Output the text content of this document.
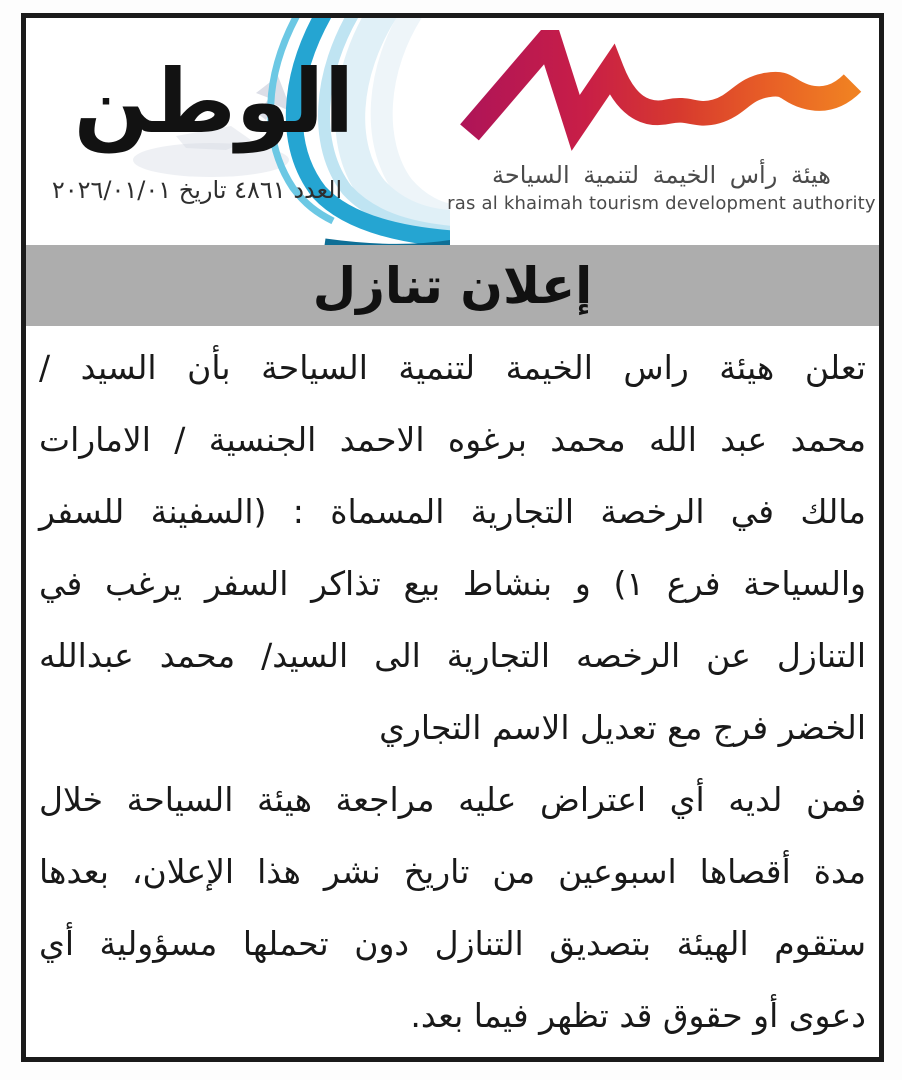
الوطن
العدد ٤٨٦١ تاريخ ٢٠٢٦/٠١/٠١
هيئة رأس الخيمة لتنمية السياحة
ras al khaimah tourism development authority
إعلان تنازل
تعلن هيئة راس الخيمة لتنمية السياحة بأن السيد /
محمد عبد الله محمد برغوه الاحمد الجنسية / الامارات
مالك في الرخصة التجارية المسماة : (السفينة للسفر
والسياحة فرع ١) و بنشاط بيع تذاكر السفر يرغب في
التنازل عن الرخصه التجارية الى السيد/ محمد عبدالله
الخضر فرج مع تعديل الاسم التجاري
فمن لديه أي اعتراض عليه مراجعة هيئة السياحة خلال
مدة أقصاها اسبوعين من تاريخ نشر هذا الإعلان، بعدها
ستقوم الهيئة بتصديق التنازل دون تحملها مسؤولية أي
دعوى أو حقوق قد تظهر فيما بعد.
